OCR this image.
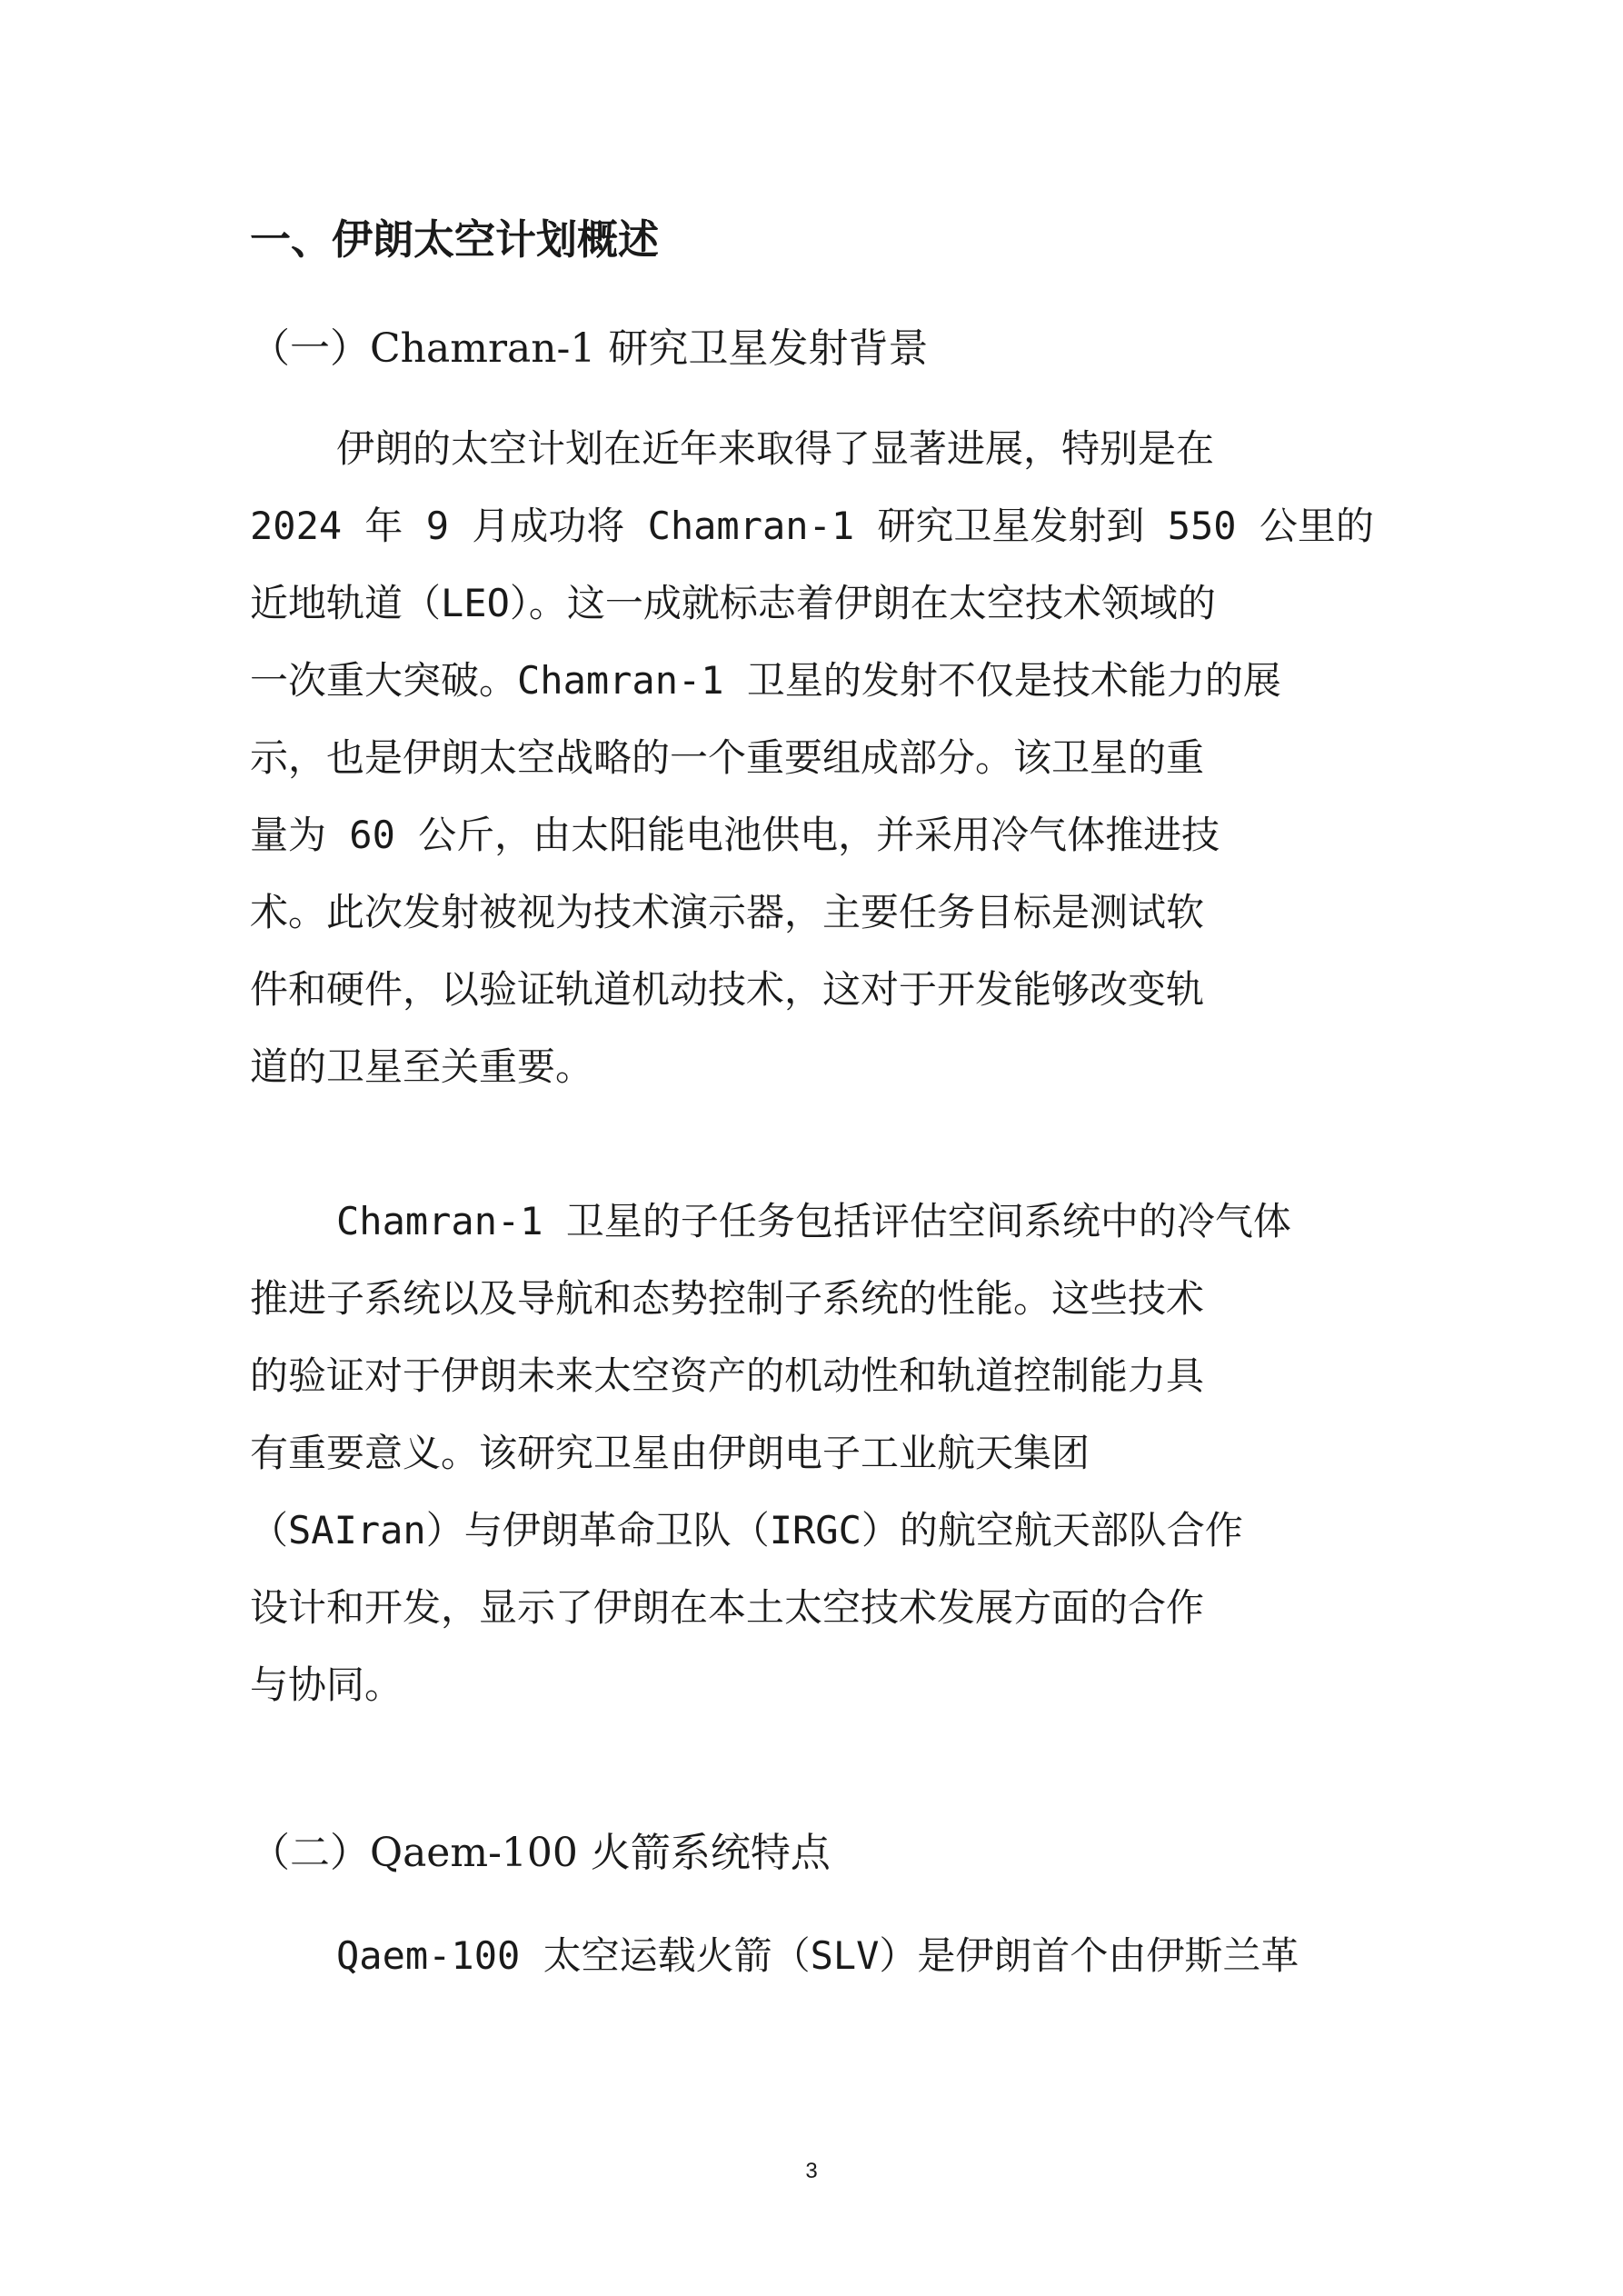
一、伊朗太空计划概述
（一）Chamran-1 研究卫星发射背景
伊朗的太空计划在近年来取得了显著进展，特别是在
2024 年 9 月成功将 Chamran-1 研究卫星发射到 550 公里的
近地轨道（LEO）。这一成就标志着伊朗在太空技术领域的
一次重大突破。Chamran-1 卫星的发射不仅是技术能力的展
示，也是伊朗太空战略的一个重要组成部分。该卫星的重
量为 60 公斤，由太阳能电池供电，并采用冷气体推进技
术。此次发射被视为技术演示器，主要任务目标是测试软
件和硬件，以验证轨道机动技术，这对于开发能够改变轨
道的卫星至关重要。
Chamran-1 卫星的子任务包括评估空间系统中的冷气体
推进子系统以及导航和态势控制子系统的性能。这些技术
的验证对于伊朗未来太空资产的机动性和轨道控制能力具
有重要意义。该研究卫星由伊朗电子工业航天集团
（SAIran）与伊朗革命卫队（IRGC）的航空航天部队合作
设计和开发，显示了伊朗在本土太空技术发展方面的合作
与协同。
（二）Qaem-100 火箭系统特点
Qaem-100 太空运载火箭（SLV）是伊朗首个由伊斯兰革
3
